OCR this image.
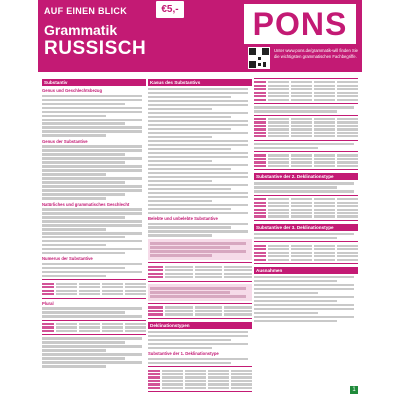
AUF EINEN BLICK	€5,-
Grammatik
RUSSISCH
PONS
Unter www.pons.de/grammatik-will finden Sie die wichtigsten grammatischen Fachbegriffe.
Substantiv
Genus und Geschlechtsbezug
Genus der Substantive
Natürliches und grammatisches Geschlecht
Numerus der Substantive
Plural
Kasus des Substantivs
Belebte und unbelebte Substantive
Deklinationstypen
Substantive der 1. Deklinationstype
Substantive der 2. Deklinationstype
Substantive der 3. Deklinationstype
Ausnahmen
1
